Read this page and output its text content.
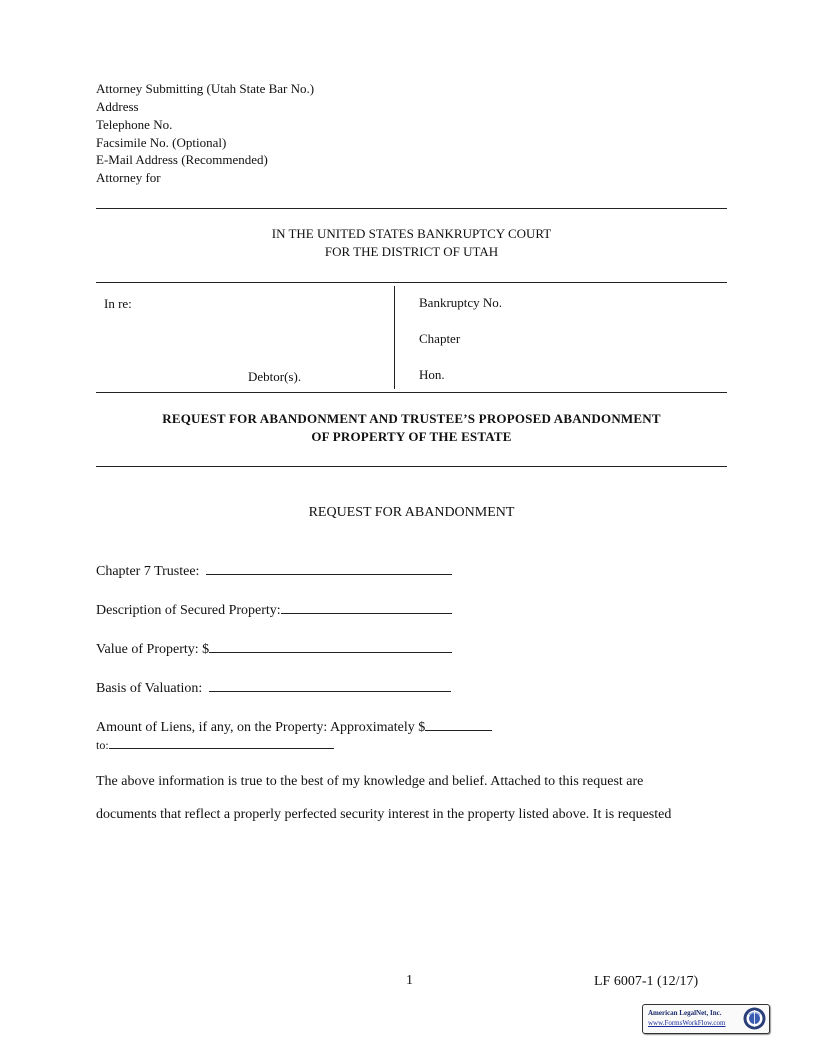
Attorney Submitting (Utah State Bar No.)
Address
Telephone No.
Facsimile No. (Optional)
E-Mail Address (Recommended)
Attorney for
IN THE UNITED STATES BANKRUPTCY COURT
FOR THE DISTRICT OF UTAH
In re:
Debtor(s).
Bankruptcy No.
Chapter
Hon.
REQUEST FOR ABANDONMENT AND TRUSTEE’S PROPOSED ABANDONMENT
OF PROPERTY OF THE ESTATE
REQUEST FOR ABANDONMENT
Chapter 7 Trustee:
Description of Secured Property:
Value of Property: $
Basis of Valuation:
Amount of Liens, if any, on the Property: Approximately $
to:
The above information is true to the best of my knowledge and belief. Attached to this request are
documents that reflect a properly perfected security interest in the property listed above. It is requested
1	LF 6007-1 (12/17)
American LegalNet, Inc.
www.FormsWorkFlow.com
